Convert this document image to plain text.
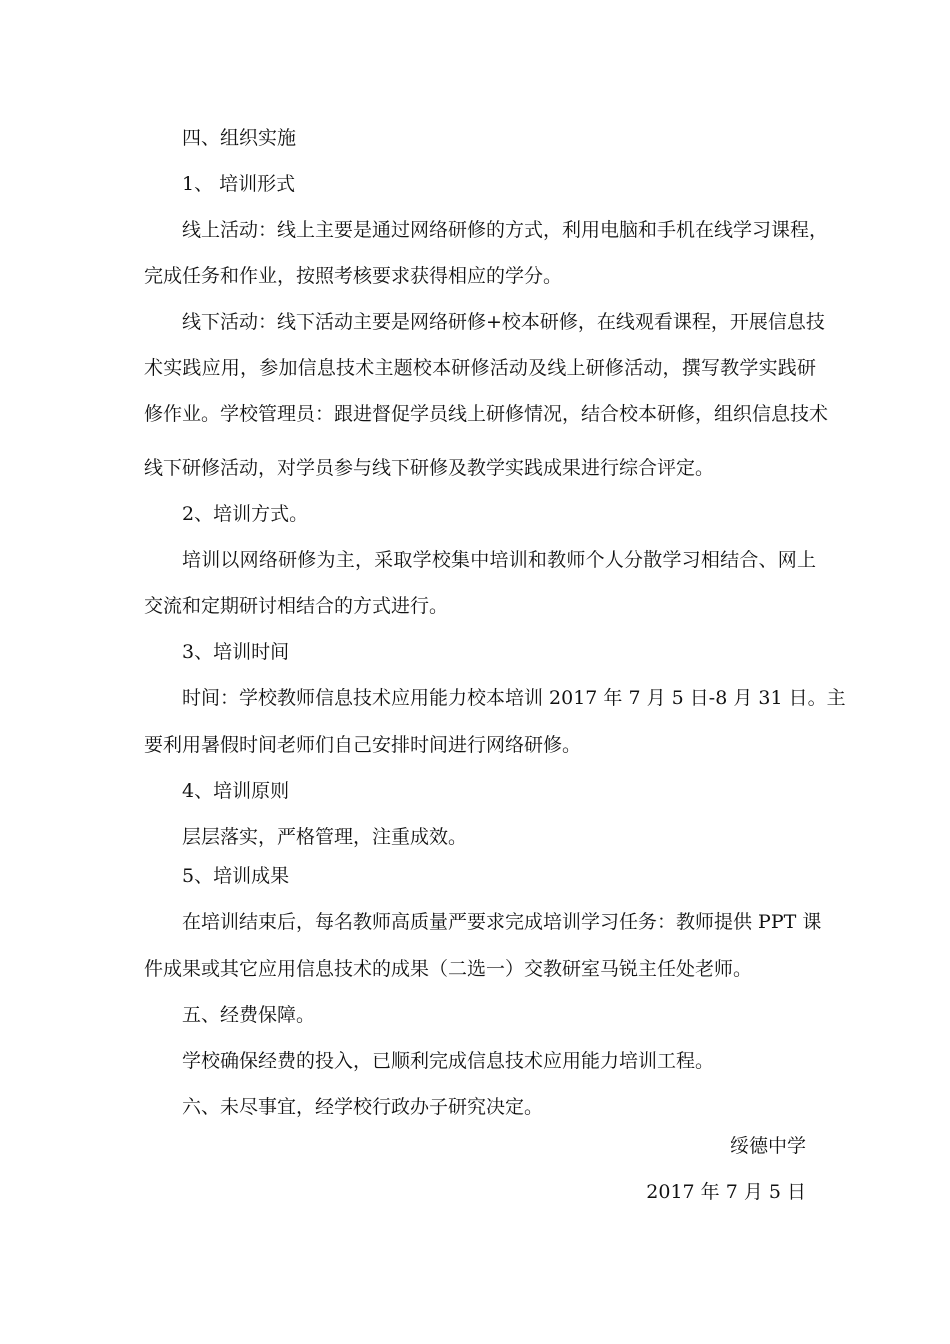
四、组织实施
1、 培训形式
线上活动：线上主要是通过网络研修的方式，利用电脑和手机在线学习课程，
完成任务和作业，按照考核要求获得相应的学分。
线下活动：线下活动主要是网络研修+校本研修，在线观看课程，开展信息技
术实践应用，参加信息技术主题校本研修活动及线上研修活动，撰写教学实践研
修作业。学校管理员：跟进督促学员线上研修情况，结合校本研修，组织信息技术
线下研修活动，对学员参与线下研修及教学实践成果进行综合评定。
2、培训方式。
培训以网络研修为主，采取学校集中培训和教师个人分散学习相结合、网上
交流和定期研讨相结合的方式进行。
3、培训时间
时间：学校教师信息技术应用能力校本培训 2017 年 7 月 5 日-8 月 31 日。主
要利用暑假时间老师们自己安排时间进行网络研修。
4、培训原则
层层落实，严格管理，注重成效。
5、培训成果
在培训结束后，每名教师高质量严要求完成培训学习任务：教师提供 PPT 课
件成果或其它应用信息技术的成果（二选一）交教研室马锐主任处老师。
五、经费保障。
学校确保经费的投入，已顺利完成信息技术应用能力培训工程。
六、未尽事宜，经学校行政办子研究决定。
绥德中学
2017 年 7 月 5 日
